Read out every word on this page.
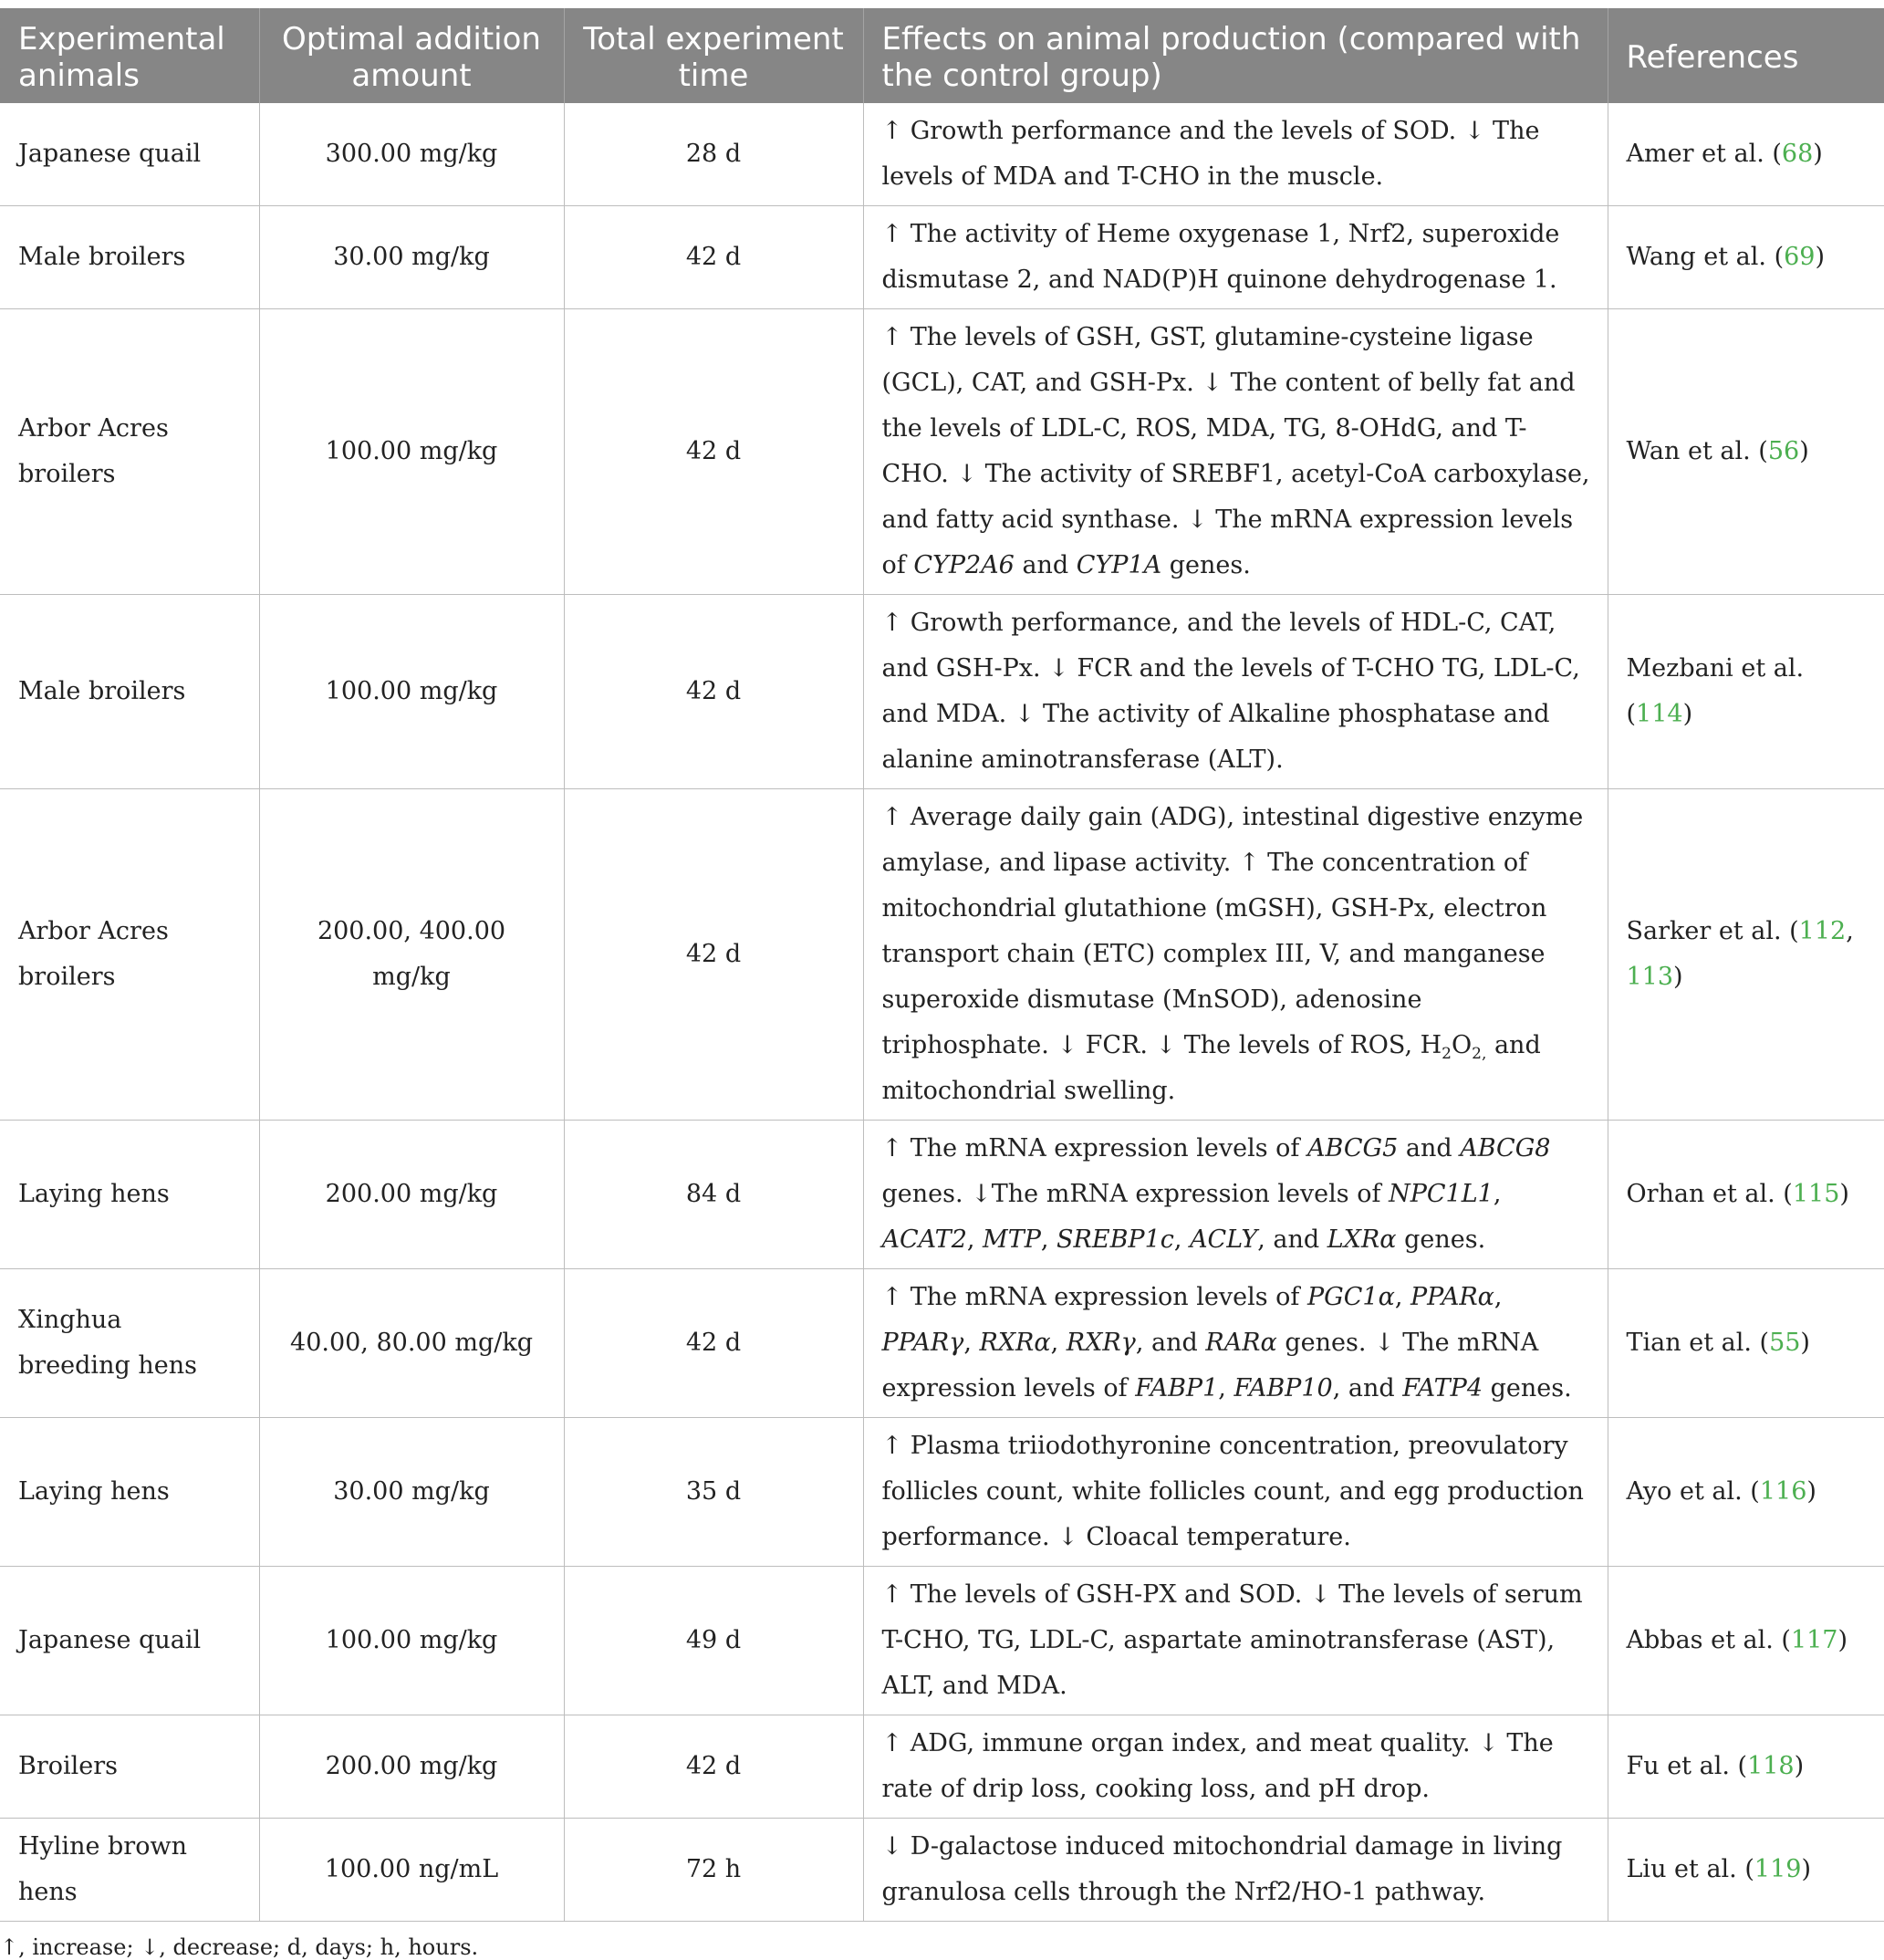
Experimental animals	Optimal addition amount	Total experiment time	Effects on animal production (compared with the control group)	References
Japanese quail	300.00 mg/kg	28 d	↑ Growth performance and the levels of SOD. ↓ The levels of MDA and T-CHO in the muscle.	Amer et al. (68)
Male broilers	30.00 mg/kg	42 d	↑ The activity of Heme oxygenase 1, Nrf2, superoxide dismutase 2, and NAD(P)H quinone dehydrogenase 1.	Wang et al. (69)
Arbor Acres broilers	100.00 mg/kg	42 d	↑ The levels of GSH, GST, glutamine-cysteine ligase (GCL), CAT, and GSH-Px. ↓ The content of belly fat and the levels of LDL-C, ROS, MDA, TG, 8-OHdG, and T-CHO. ↓ The activity of SREBF1, acetyl-CoA carboxylase, and fatty acid synthase. ↓ The mRNA expression levels of CYP2A6 and CYP1A genes.	Wan et al. (56)
Male broilers	100.00 mg/kg	42 d	↑ Growth performance, and the levels of HDL-C, CAT, and GSH-Px. ↓ FCR and the levels of T-CHO TG, LDL-C, and MDA. ↓ The activity of Alkaline phosphatase and alanine aminotransferase (ALT).	Mezbani et al. (114)
Arbor Acres broilers	200.00, 400.00 mg/kg	42 d	↑ Average daily gain (ADG), intestinal digestive enzyme amylase, and lipase activity. ↑ The concentration of mitochondrial glutathione (mGSH), GSH-Px, electron transport chain (ETC) complex III, V, and manganese superoxide dismutase (MnSOD), adenosine triphosphate. ↓ FCR. ↓ The levels of ROS, $H_2O_{2,}$ and mitochondrial swelling.	Sarker et al. (112, 113)
Laying hens	200.00 mg/kg	84 d	↑ The mRNA expression levels of ABCG5 and ABCG8 genes. ↓The mRNA expression levels of NPC1L1, ACAT2, MTP, SREBP1c, ACLY, and LXRα genes.	Orhan et al. (115)
Xinghua breeding hens	40.00, 80.00 mg/kg	42 d	↑ The mRNA expression levels of PGC1α, PPARα, PPARγ, RXRα, RXRγ, and RARα genes. ↓ The mRNA expression levels of FABP1, FABP10, and FATP4 genes.	Tian et al. (55)
Laying hens	30.00 mg/kg	35 d	↑ Plasma triiodothyronine concentration, preovulatory follicles count, white follicles count, and egg production performance. ↓ Cloacal temperature.	Ayo et al. (116)
Japanese quail	100.00 mg/kg	49 d	↑ The levels of GSH-PX and SOD. ↓ The levels of serum T-CHO, TG, LDL-C, aspartate aminotransferase (AST), ALT, and MDA.	Abbas et al. (117)
Broilers	200.00 mg/kg	42 d	↑ ADG, immune organ index, and meat quality. ↓ The rate of drip loss, cooking loss, and pH drop.	Fu et al. (118)
Hyline brown hens	100.00 ng/mL	72 h	↓ D-galactose induced mitochondrial damage in living granulosa cells through the Nrf2/HO-1 pathway.	Liu et al. (119)
↑, increase; ↓, decrease; d, days; h, hours.
